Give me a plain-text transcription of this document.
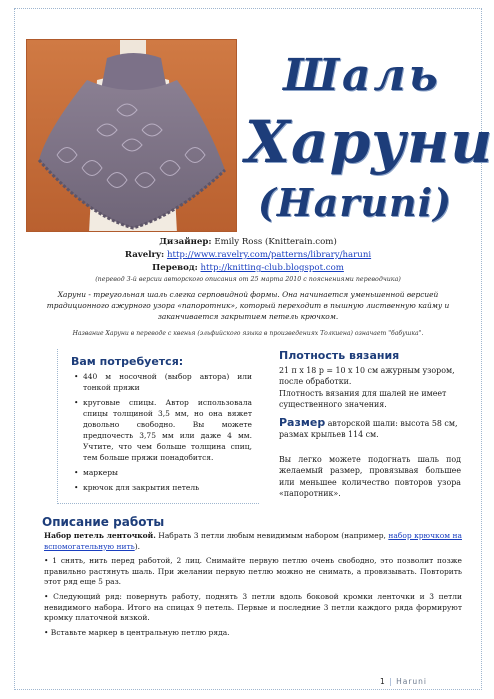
Шаль
Харуни
(Haruni)
Дизайнер: Emily Ross (Knitterain.com)
Ravelry: http://www.ravelry.com/patterns/library/haruni
Перевод: http://knitting-club.blogspot.com
(перевод 3-й версии авторского описания от 25 марта 2010 с пояснениями переводчика)
Харуни - треугольная шаль слегка серповидной формы. Она начинается уменьшенной версией традиционного ажурного узора «папоротник», который переходит в пышную лиственную кайму и заканчивается закрытием петель крючком.
Название Харуни в переводе с квенья (эльфийского языка в произведениях Толкиена) означает "бабушка".
Вам потребуется:
• 440 м носочной (выбор автора) или тонкой пряжи
• круговые спицы. Автор использовала спицы толщиной 3,5 мм, но она вяжет довольно свободно. Вы можете предпочесть 3,75 мм или даже 4 мм. Учтите, что чем больше толщина спиц, тем больше пряжи понадобится.
• маркеры
• крючок для закрытия петель
Плотность вязания
21 п x 18 р = 10 x 10 см ажурным узором, после обработки.
Плотность вязания для шалей не имеет существенного значения.
Размер авторской шали: высота 58 см, размах крыльев 114 см.
Вы легко можете подогнать шаль под желаемый размер, провязывая большее или меньшее количество повторов узора «папоротник».
Описание работы

Набор петель ленточкой. Набрать 3 петли любым невидимым набором (например, набор крючком на вспомогательную нить).

• 1 снять, нить перед работой, 2 лиц. Снимайте первую петлю очень свободно, это позволит позже правильно растянуть шаль. При желании первую петлю можно не снимать, а провязывать. Повторить этот ряд еще 5 раз.

• Следующий ряд: повернуть работу, поднять 3 петли вдоль боковой кромки ленточки и 3 петли невидимого набора. Итого на спицах 9 петель. Первые и последние 3 петли каждого ряда формируют кромку платочной вязкой.

• Вставьте маркер в центральную петлю ряда.

1 | Haruni
